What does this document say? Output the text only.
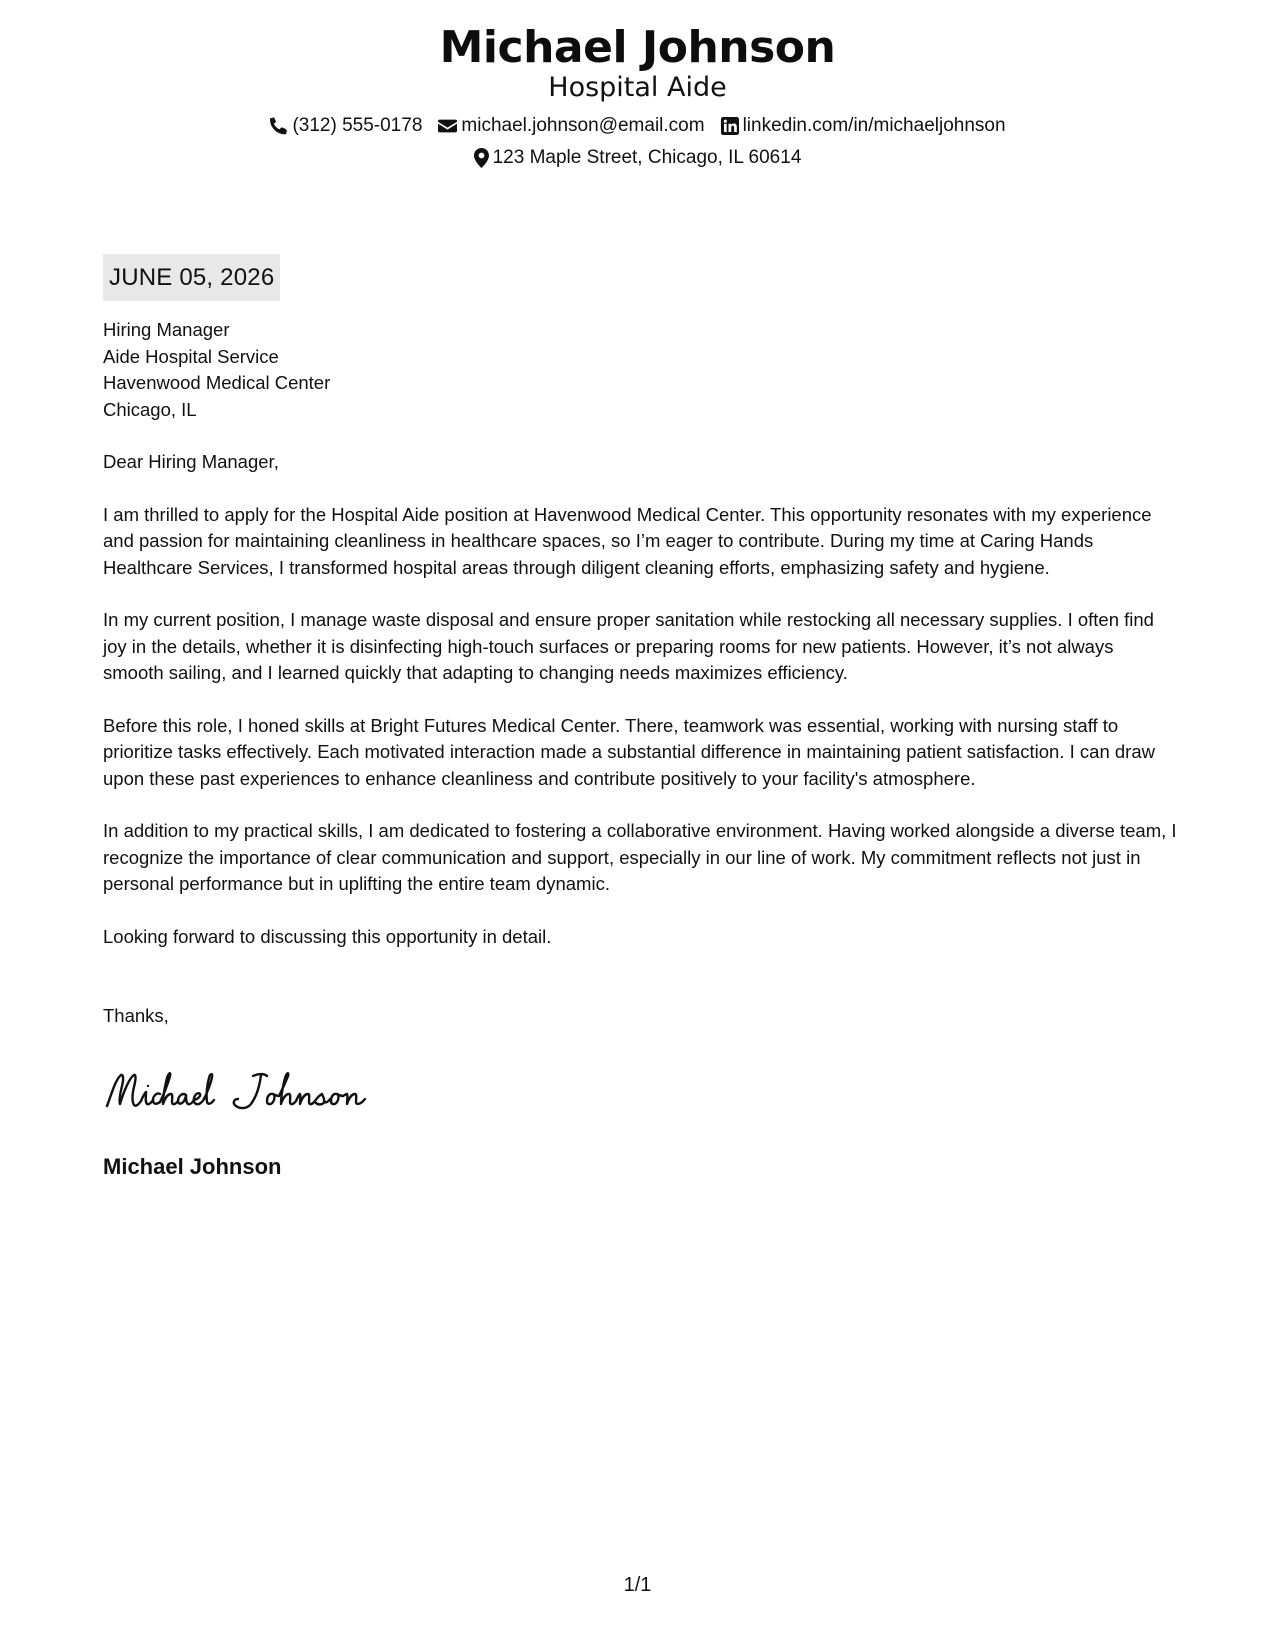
Michael Johnson
Hospital Aide
(312) 555-0178 michael.johnson@email.com linkedin.com/in/michaeljohnson
123 Maple Street, Chicago, IL 60614
JUNE 05, 2026
Hiring Manager
Aide Hospital Service
Havenwood Medical Center
Chicago, IL
Dear Hiring Manager,

I am thrilled to apply for the Hospital Aide position at Havenwood Medical Center. This opportunity resonates with my experience and passion for maintaining cleanliness in healthcare spaces, so I’m eager to contribute. During my time at Caring Hands Healthcare Services, I transformed hospital areas through diligent cleaning efforts, emphasizing safety and hygiene.

In my current position, I manage waste disposal and ensure proper sanitation while restocking all necessary supplies. I often find joy in the details, whether it is disinfecting high-touch surfaces or preparing rooms for new patients. However, it’s not always smooth sailing, and I learned quickly that adapting to changing needs maximizes efficiency.

Before this role, I honed skills at Bright Futures Medical Center. There, teamwork was essential, working with nursing staff to prioritize tasks effectively. Each motivated interaction made a substantial difference in maintaining patient satisfaction. I can draw upon these past experiences to enhance cleanliness and contribute positively to your facility's atmosphere.

In addition to my practical skills, I am dedicated to fostering a collaborative environment. Having worked alongside a diverse team, I recognize the importance of clear communication and support, especially in our line of work. My commitment reflects not just in personal performance but in uplifting the entire team dynamic.

Looking forward to discussing this opportunity in detail.

Thanks,
Michael Johnson
1/1
